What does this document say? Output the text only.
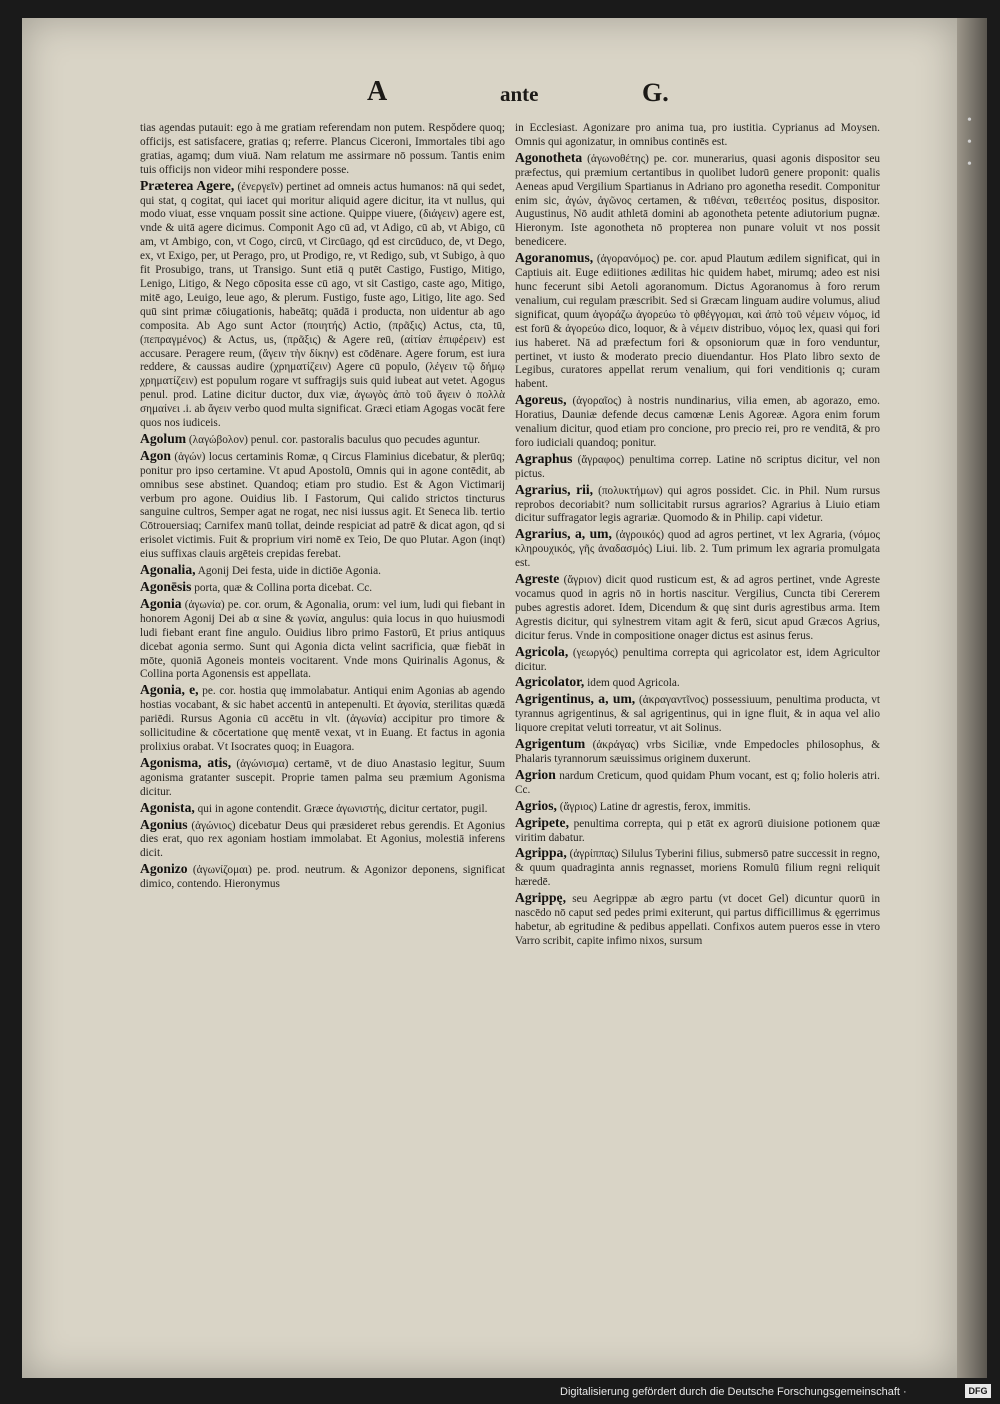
A	ante	G.

tias agendas putauit: ego à me gratiam referendam non putem. Respŏdere quoq; officijs, est satisfacere, gratias q; referre. Plancus Ciceroni, Immortales tibi ago gratias, agamq; dum viuā. Nam relatum me assirmare nō possum. Tantis enim tuis officijs non videor mihi respondere posse.

Præterea Agere, (ἐνεργεῖν) pertinet ad omneis actus humanos: nā qui sedet, qui stat, q cogitat, qui iacet qui moritur aliquid agere dicitur, ita vt nullus, qui modo viuat, esse vnquam possit sine actione. Quippe viuere, (διάγειν) agere est, vnde & uitā agere dicimus. Componit Ago cū ad, vt Adigo, cū ab, vt Abigo, cū am, vt Ambigo, con, vt Cogo, circū, vt Circūago, qd est circūduco, de, vt Dego, ex, vt Exigo, per, ut Perago, pro, ut Prodigo, re, vt Redigo, sub, vt Subigo, à quo fit Prosubigo, trans, ut Transigo. Sunt etiā q putēt Castigo, Fustigo, Mitigo, Lenigo, Litigo, & Nego cōposita esse cū ago, vt sit Castigo, caste ago, Mitigo, mitē ago, Leuigo, leue ago, & plerum. Fustigo, fuste ago, Litigo, lite ago. Sed quū sint primæ cōiugationis, habeātq; quādā i producta, non uidentur ab ago composita. Ab Ago sunt Actor (ποιητής) Actio, (πρᾶξις) Actus, cta, tū, (πεπραγμένος) & Actus, us, (πρᾶξις) & Agere reū, (αἰτίαν ἐπιφέρειν) est accusare. Peragere reum, (ἄγειν τὴν δίκην) est cōdēnare. Agere forum, est iura reddere, & caussas audire (χρηματίζειν) Agere cū populo, (λέγειν τῷ δήμῳ χρηματίζειν) est populum rogare vt suffragijs suis quid iubeat aut vetet. Agogus penul. prod. Latine dicitur ductor, dux viæ, ἀγωγὸς ἀπὸ τοῦ ἄγειν ὁ πολλὰ σημαίνει .i. ab ἄγειν verbo quod multa significat. Græci etiam Agogas vocāt fere quos nos iudiceis.

Agolum (λαγώβολον) penul. cor. pastoralis baculus quo pecudes aguntur.

Agon (ἀγών) locus certaminis Romæ, q Circus Flaminius dicebatur, & plerūq; ponitur pro ipso certamine. Vt apud Apostolū, Omnis qui in agone contēdit, ab omnibus sese abstinet. Quandoq; etiam pro studio. Est & Agon Victimarij verbum pro agone. Ouidius lib. I Fastorum, Qui calido strictos tincturus sanguine cultros, Semper agat ne rogat, nec nisi iussus agit. Et Seneca lib. tertio Cōtrouersiaq; Carnifex manū tollat, deinde respiciat ad patrē & dicat agon, qd si erisolet victimis. Fuit & proprium viri nomē ex Teio, De quo Plutar. Agon (inqt) eius suffixas clauis argēteis crepidas ferebat.

Agonalia, Agonij Dei festa, uide in dictiōe Agonia.

Agonēsis porta, quæ & Collina porta dicebat. Cc.

Agonia (ἀγωνία) pe. cor. orum, & Agonalia, orum: vel ium, ludi qui fiebant in honorem Agonij Dei ab α sine & γωνία, angulus: quia locus in quo huiusmodi ludi fiebant erant fine angulo. Ouidius libro primo Fastorū, Et prius antiquus dicebat agonia sermo. Sunt qui Agonia dicta velint sacrificia, quæ fiebāt in mōte, quoniā Agoneis monteis vocitarent. Vnde mons Quirinalis Agonus, & Collina porta Agonensis est appellata.

Agonia, e, pe. cor. hostia quę immolabatur. Antiqui enim Agonias ab agendo hostias vocabant, & sic habet accentū in antepenulti. Et ἀγονία, sterilitas quædā pariēdi. Rursus Agonia cū accētu in vlt. (ἀγωνία) accipitur pro timore & sollicitudine & cōcertatione quę mentē vexat, vt in Euang. Et factus in agonia prolixius orabat. Vt Isocrates quoq; in Euagora.

Agonisma, atis, (ἀγώνισμα) certamē, vt de diuo Anastasio legitur, Suum agonisma gratanter suscepit. Proprie tamen palma seu præmium Agonisma dicitur.

Agonista, qui in agone contendit. Græce ἀγωνιστής, dicitur certator, pugil.

Agonius (ἀγώνιος) dicebatur Deus qui præsideret rebus gerendis. Et Agonius dies erat, quo rex agoniam hostiam immolabat. Et Agonius, molestiā inferens dicit.

Agonizo (ἀγωνίζομαι) pe. prod. neutrum. & Agonizor deponens, significat dimico, contendo. Hieronymus

in Ecclesiast. Agonizare pro anima tua, pro iustitia. Cyprianus ad Moysen. Omnis qui agonizatur, in omnibus continēs est.

Agonotheta (ἀγωνοθέτης) pe. cor. munerarius, quasi agonis dispositor seu præfectus, qui præmium certantibus in quolibet ludorū genere proponit: qualis Aeneas apud Vergilium Spartianus in Adriano pro agonetha resedit. Componitur enim sic, ἀγών, ἀγῶνος certamen, & τιθέναι, τεθειτέος positus, dispositor. Augustinus, Nō audit athletā domini ab agonotheta petente adiutorium pugnæ. Hieronym. Iste agonotheta nō propterea non punare voluit vt nos possit benedicere.

Agoranomus, (ἀγορανόμος) pe. cor. apud Plautum ædilem significat, qui in Captiuis ait. Euge ediitiones ædilitas hic quidem habet, mirumq; adeo est nisi hunc fecerunt sibi Aetoli agoranomum. Dictus Agoranomus à foro rerum venalium, cui regulam præscribit. Sed si Græcam linguam audire volumus, aliud significat, quum ἀγοράζω ἀγορεύω τὸ φθέγγομαι, καὶ ἀπὸ τοῦ νέμειν νόμος, id est forū & ἀγορεύω dico, loquor, & à νέμειν distribuo, νόμος lex, quasi qui fori ius haberet. Nā ad præfectum fori & opsoniorum quæ in foro venduntur, pertinet, vt iusto & moderato precio diuendantur. Hos Plato libro sexto de Legibus, curatores appellat rerum venalium, qui fori venditionis q; curam habent.

Agoreus, (ἀγοραῖος) à nostris nundinarius, vilia emen, ab agorazo, emo. Horatius, Dauniæ defende decus camœnæ Lenis Agoreæ. Agora enim forum venalium dicitur, quod etiam pro concione, pro precio rei, pro re venditā, & pro foro iudiciali quandoq; ponitur.

Agraphus (ἄγραφος) penultima correp. Latine nō scriptus dicitur, vel non pictus.

Agrarius, rii, (πολυκτήμων) qui agros possidet. Cic. in Phil. Num rursus reprobos decoriabit? num sollicitabit rursus agrarios? Agrarius à Liuio etiam dicitur suffragator legis agrariæ. Quomodo & in Philip. capi videtur.

Agrarius, a, um, (ἀγροικός) quod ad agros pertinet, vt lex Agraria, (νόμος κληρουχικός, γῆς ἀναδασμός) Liui. lib. 2. Tum primum lex agraria promulgata est.

Agreste (ἄγριον) dicit quod rusticum est, & ad agros pertinet, vnde Agreste vocamus quod in agris nō in hortis nascitur. Vergilius, Cuncta tibi Cererem pubes agrestis adoret. Idem, Dicendum & quę sint duris agrestibus arma. Item Agrestis dicitur, qui sylnestrem vitam agit & ferū, sicut apud Græcos Agrius, dicitur ferus. Vnde in compositione onager dictus est asinus ferus.

Agricola, (γεωργός) penultima correpta qui agricolator est, idem Agricultor dicitur.

Agricolator, idem quod Agricola.

Agrigentinus, a, um, (ἀκραγαντῖνος) possessiuum, penultima producta, vt tyrannus agrigentinus, & sal agrigentinus, qui in igne fluit, & in aqua vel alio liquore crepitat veluti torreatur, vt ait Solinus.

Agrigentum (ἀκράγας) vrbs Siciliæ, vnde Empedocles philosophus, & Phalaris tyrannorum sæuissimus originem duxerunt.

Agrion nardum Creticum, quod quidam Phum vocant, est q; folio holeris atri. Cc.

Agrios, (ἄγριος) Latine dr agrestis, ferox, immitis.

Agripete, penultima correpta, qui p etāt ex agrorū diuisione potionem quæ viritim dabatur.

Agrippa, (ἀγρίππας) Silulus Tyberini filius, submersō patre successit in regno, & quum quadraginta annis regnasset, moriens Romulū filium regni reliquit hæredē.

Agrippę, seu Aegrippæ ab ægro partu (vt docet Gel) dicuntur quorū in nascēdo nō caput sed pedes primi exiterunt, qui partus difficillimus & ęgerrimus habetur, ab egritudine & pedibus appellati. Confixos autem pueros esse in vtero Varro scribit, capite infimo nixos, sursum

•
•
•
Digitalisierung gefördert durch die Deutsche Forschungsgemeinschaft ·	DFG
